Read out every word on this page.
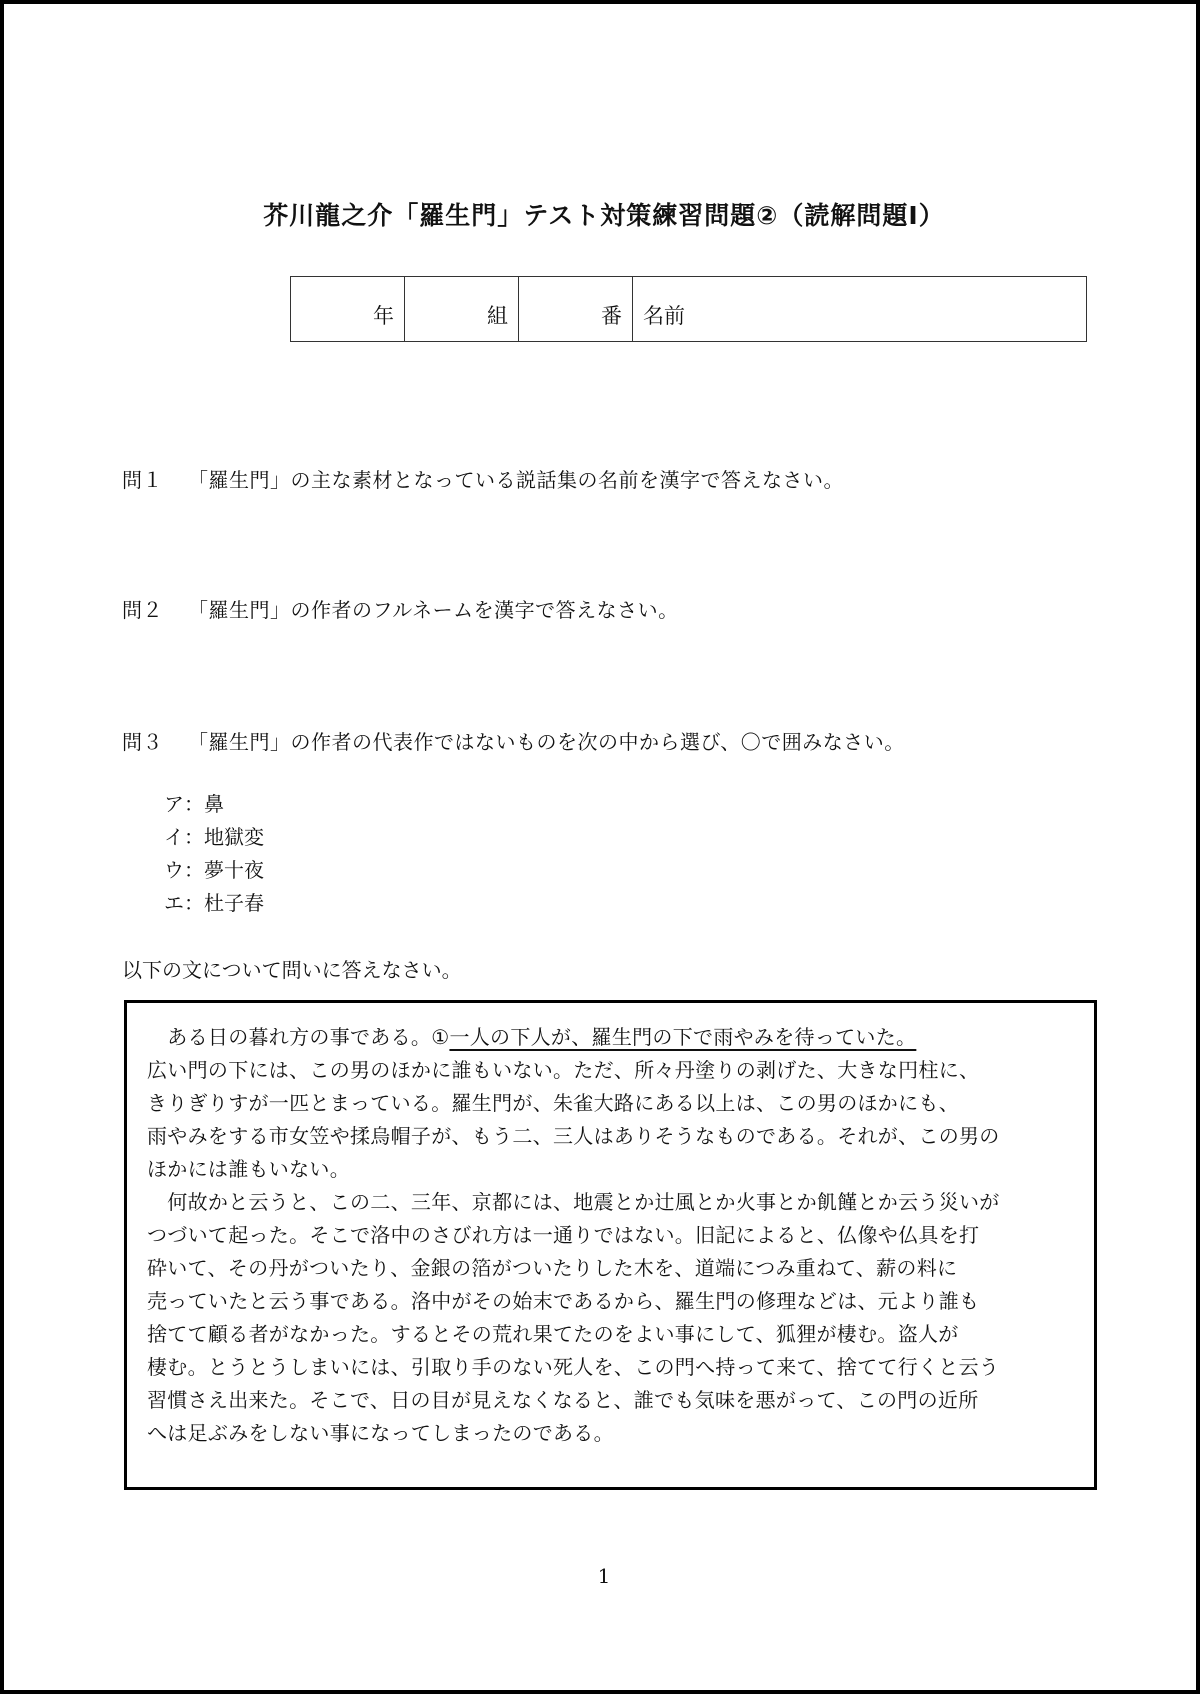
芥川龍之介「羅生門」テスト対策練習問題②（読解問題Ⅰ）
年	組	番	名前
問１ 「羅生門」の主な素材となっている説話集の名前を漢字で答えなさい。
問２ 「羅生門」の作者のフルネームを漢字で答えなさい。
問３ 「羅生門」の作者の代表作ではないものを次の中から選び、〇で囲みなさい。
ア：鼻
イ：地獄変
ウ：夢十夜
エ：杜子春
以下の文について問いに答えなさい。
　ある日の暮れ方の事である。①一人の下人が、羅生門の下で雨やみを待っていた。
広い門の下には、この男のほかに誰もいない。ただ、所々丹塗りの剥げた、大きな円柱に、
きりぎりすが一匹とまっている。羅生門が、朱雀大路にある以上は、この男のほかにも、
雨やみをする市女笠や揉烏帽子が、もう二、三人はありそうなものである。それが、この男の
ほかには誰もいない。
　何故かと云うと、この二、三年、京都には、地震とか辻風とか火事とか飢饉とか云う災いが
つづいて起った。そこで洛中のさびれ方は一通りではない。旧記によると、仏像や仏具を打
砕いて、その丹がついたり、金銀の箔がついたりした木を、道端につみ重ねて、薪の料に
売っていたと云う事である。洛中がその始末であるから、羅生門の修理などは、元より誰も
捨てて顧る者がなかった。するとその荒れ果てたのをよい事にして、狐狸が棲む。盗人が
棲む。とうとうしまいには、引取り手のない死人を、この門へ持って来て、捨てて行くと云う
習慣さえ出来た。そこで、日の目が見えなくなると、誰でも気味を悪がって、この門の近所
へは足ぶみをしない事になってしまったのである。
1
